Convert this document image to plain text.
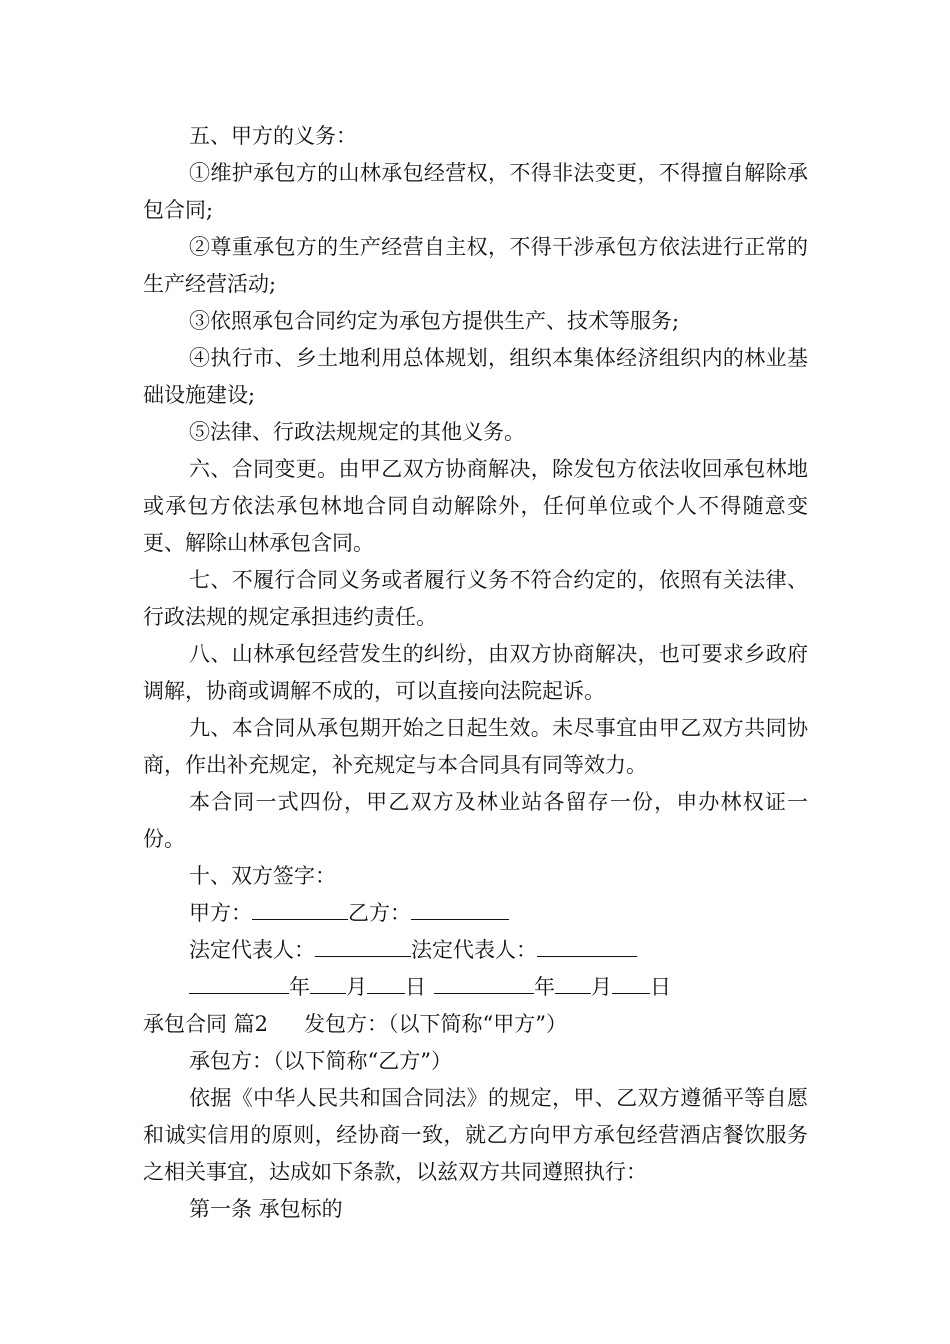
五、甲方的义务：

①维护承包方的山林承包经营权，不得非法变更，不得擅自解除承包合同;

②尊重承包方的生产经营自主权，不得干涉承包方依法进行正常的生产经营活动;

③依照承包合同约定为承包方提供生产、技术等服务;

④执行市、乡土地利用总体规划，组织本集体经济组织内的林业基础设施建设;

⑤法律、行政法规规定的其他义务。

六、合同变更。由甲乙双方协商解决，除发包方依法收回承包林地或承包方依法承包林地合同自动解除外，任何单位或个人不得随意变更、解除山林承包含同。

七、不履行合同义务或者履行义务不符合约定的，依照有关法律、行政法规的规定承担违约责任。

八、山林承包经营发生的纠纷，由双方协商解决，也可要求乡政府调解，协商或调解不成的，可以直接向法院起诉。

九、本合同从承包期开始之日起生效。未尽事宜由甲乙双方共同协商，作出补充规定，补充规定与本合同具有同等效力。

本合同一式四份，甲乙双方及林业站各留存一份，申办林权证一份。

十、双方签字：

甲方：	乙方：
法定代表人：	法定代表人：
年 月 日	年 月 日
承包合同 篇2 发包方：（以下简称“甲方”）

承包方：（以下简称“乙方”）

依据《中华人民共和国合同法》的规定，甲、乙双方遵循平等自愿和诚实信用的原则，经协商一致，就乙方向甲方承包经营酒店餐饮服务之相关事宜，达成如下条款，以兹双方共同遵照执行：

第一条 承包标的
